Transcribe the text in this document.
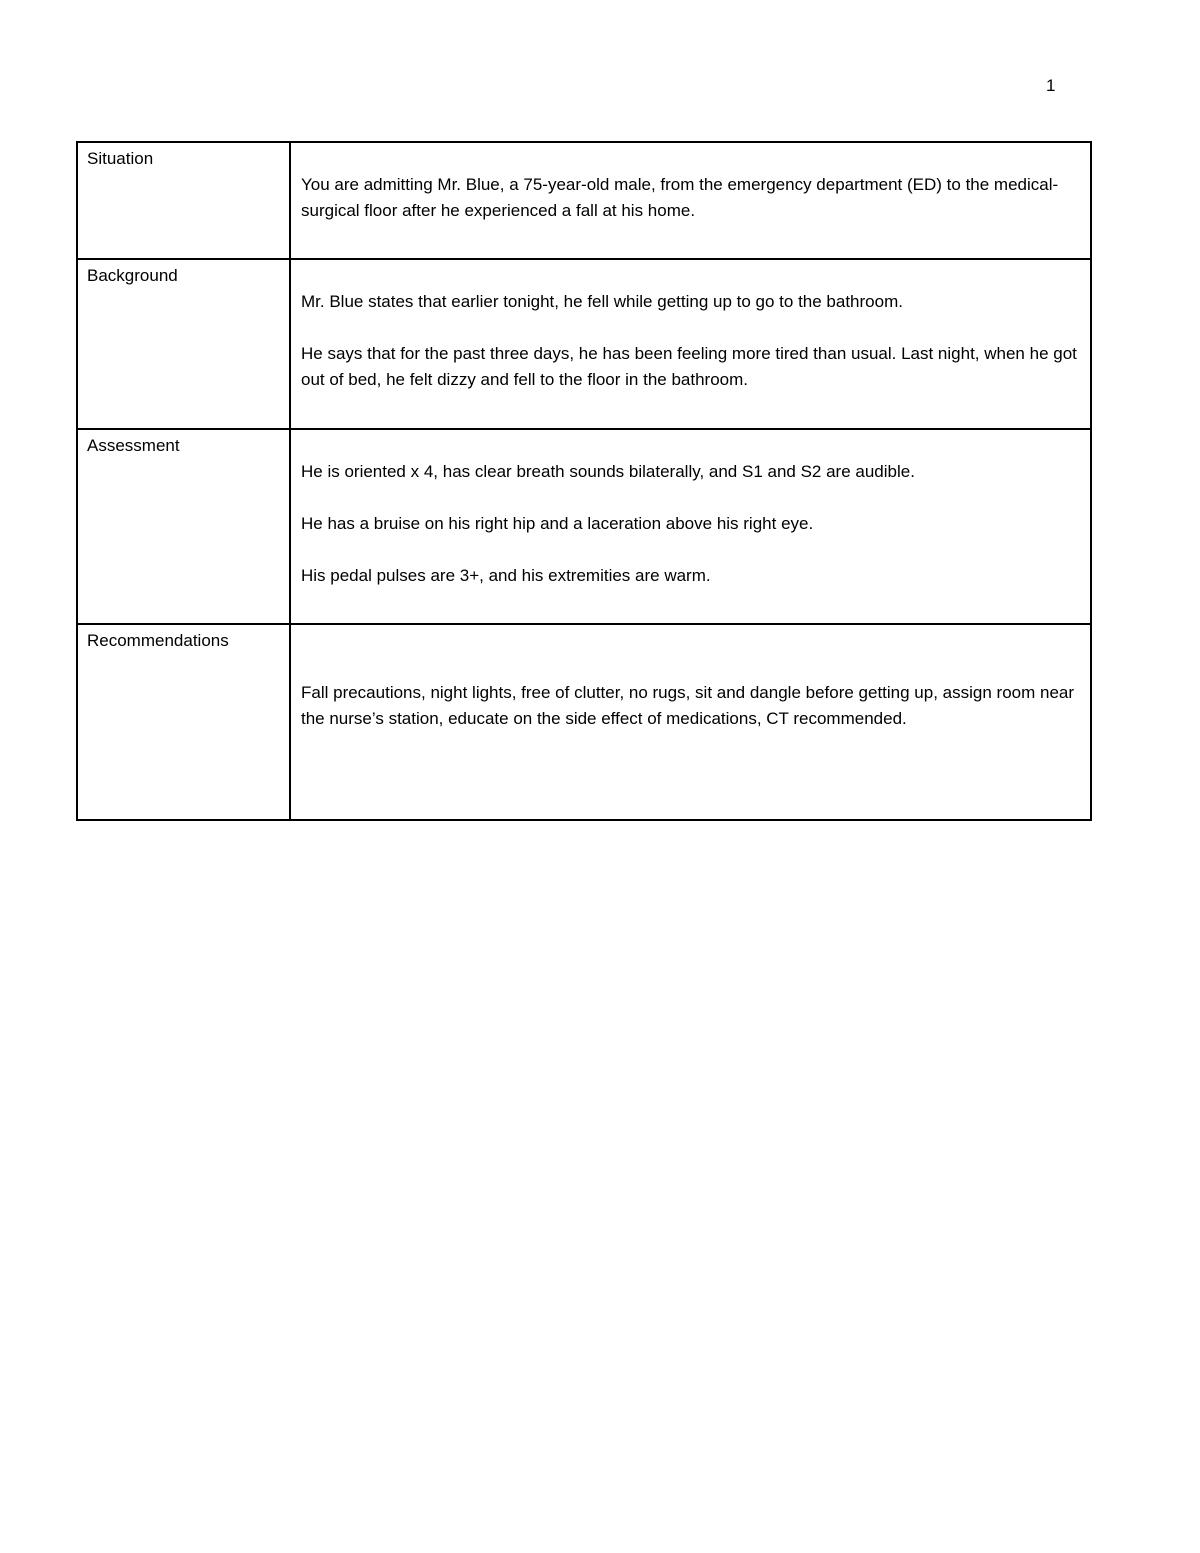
1
Situation	You are admitting Mr. Blue, a 75-year-old male, from the emergency department (ED) to the medical-surgical floor after he experienced a fall at his home.

Background	Mr. Blue states that earlier tonight, he fell while getting up to go to the bathroom.

He says that for the past three days, he has been feeling more tired than usual. Last night, when he got out of bed, he felt dizzy and fell to the floor in the bathroom.

Assessment	He is oriented x 4, has clear breath sounds bilaterally, and S1 and S2 are audible.

He has a bruise on his right hip and a laceration above his right eye.

His pedal pulses are 3+, and his extremities are warm.

Recommendations	Fall precautions, night lights, free of clutter, no rugs, sit and dangle before getting up, assign room near the nurse’s station, educate on the side effect of medications, CT recommended.
